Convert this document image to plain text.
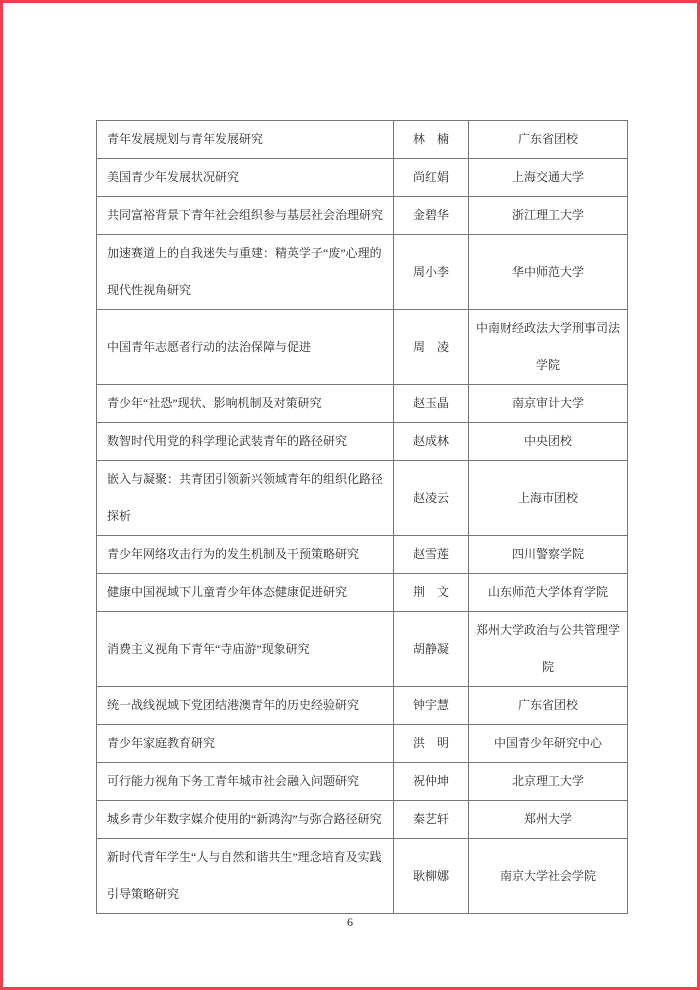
青年发展规划与青年发展研究	林　楠	广东省团校
美国青少年发展状况研究	尚红娟	上海交通大学
共同富裕背景下青年社会组织参与基层社会治理研究	金碧华	浙江理工大学
加速赛道上的自我迷失与重建：精英学子“废”心理的现代性视角研究	周小李	华中师范大学
中国青年志愿者行动的法治保障与促进	周　凌	中南财经政法大学刑事司法学院
青少年“社恐”现状、影响机制及对策研究	赵玉晶	南京审计大学
数智时代用党的科学理论武装青年的路径研究	赵成林	中央团校
嵌入与凝聚：共青团引领新兴领域青年的组织化路径探析	赵凌云	上海市团校
青少年网络攻击行为的发生机制及干预策略研究	赵雪莲	四川警察学院
健康中国视域下儿童青少年体态健康促进研究	荆　文	山东师范大学体育学院
消费主义视角下青年“寺庙游”现象研究	胡静凝	郑州大学政治与公共管理学院
统一战线视域下党团结港澳青年的历史经验研究	钟宇慧	广东省团校
青少年家庭教育研究	洪　明	中国青少年研究中心
可行能力视角下务工青年城市社会融入问题研究	祝仲坤	北京理工大学
城乡青少年数字媒介使用的“新鸿沟”与弥合路径研究	秦艺轩	郑州大学
新时代青年学生“人与自然和谐共生”理念培育及实践引导策略研究	耿柳娜	南京大学社会学院
6
